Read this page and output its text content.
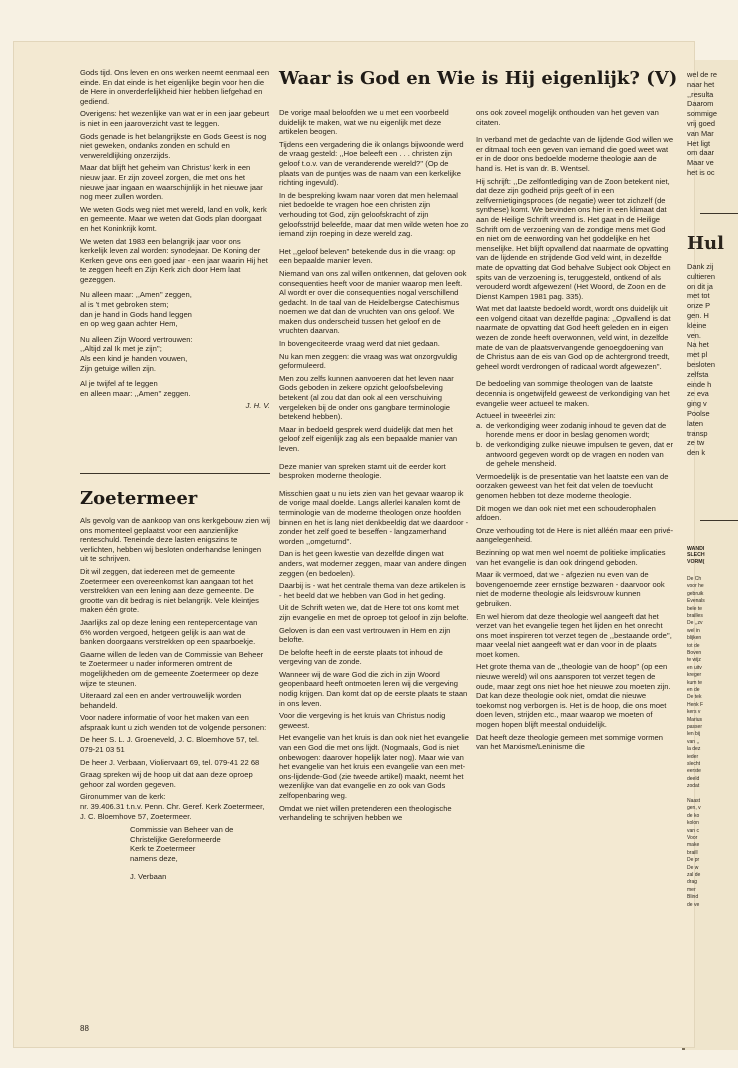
Gods tijd. Ons leven en ons werken neemt eenmaal een einde. En dat einde is het eigenlijke begin voor hen die de Here in onverderfelijkheid hier hebben liefgehad en gediend.

Overigens: het wezenlijke van wat er in een jaar gebeurt is niet in een jaaroverzicht vast te leggen.

Gods genade is het belangrijkste en Gods Geest is nog niet geweken, ondanks zonden en schuld en verwereldlijking onzerzijds.

Maar dat blijft het geheim van Christus' kerk in een nieuw jaar. Er zijn zoveel zorgen, die met ons het nieuwe jaar ingaan en waarschijnlijk in het nieuwe jaar nog meer zullen worden.

We weten Gods weg niet met wereld, land en volk, kerk en gemeente. Maar we weten dat Gods plan doorgaat en het Koninkrijk komt.

We weten dat 1983 een belangrijk jaar voor ons kerkelijk leven zal worden: synodejaar. De Koning der Kerken geve ons een goed jaar - een jaar waarin Hij het te zeggen heeft en Zijn Kerk zich door Hem laat gezeggen.

Nu alleen maar: ,,Amen'' zeggen,
al is 't met gebroken stem;
dan je hand in Gods hand leggen
en op weg gaan achter Hem,
Nu alleen Zijn Woord vertrouwen:
,,Altijd zal Ik met je zijn'';
Als een kind je handen vouwen,
Zijn getuige willen zijn.
Al je twijfel af te leggen
en alleen maar: ,,Amen'' zeggen.
J. H. V.
Zoetermeer

Als gevolg van de aankoop van ons kerkgebouw zien wij ons momenteel geplaatst voor een aanzienlijke renteschuld. Teneinde deze lasten enigszins te verlichten, hebben wij besloten onderhandse leningen uit te schrijven.

Dit wil zeggen, dat iedereen met de gemeente Zoetermeer een overeenkomst kan aangaan tot het verstrekken van een lening aan deze gemeente. De grootte van dit bedrag is niet belangrijk. Vele kleintjes maken één grote.

Jaarlijks zal op deze lening een rentepercentage van 6% worden vergoed, hetgeen gelijk is aan wat de banken doorgaans verstrekken op een spaarboekje.

Gaarne willen de leden van de Commissie van Beheer te Zoetermeer u nader informeren omtrent de mogelijkheden om de gemeente Zoetermeer op deze wijze te steunen.

Uiteraard zal een en ander vertrouwelijk worden behandeld.

Voor nadere informatie of voor het maken van een afspraak kunt u zich wenden tot de volgende personen:

De heer S. L. J. Groeneveld, J. C. Bloemhove 57, tel. 079-21 03 51

De heer J. Verbaan, Violiervaart 69, tel. 079-41 22 68

Graag spreken wij de hoop uit dat aan deze oproep gehoor zal worden gegeven.

Gironummer van de kerk:

nr. 39.406.31 t.n.v. Penn. Chr. Geref. Kerk Zoetermeer, J. C. Bloemhove 57, Zoetermeer.

Commissie van Beheer van de
Christelijke Gereformeerde
Kerk te Zoetermeer
namens deze,
J. Verbaan
88
Waar is God en Wie is Hij eigenlijk? (V)

De vorige maal beloofden we u met een voorbeeld duidelijk te maken, wat we nu eigenlijk met deze artikelen beogen.

Tijdens een vergadering die ik onlangs bijwoonde werd de vraag gesteld: ,,Hoe beleeft een . . . christen zijn geloof t.o.v. van de veranderende wereld?'' (Op de plaats van de puntjes was de naam van een kerkelijke richting ingevuld).

In de bespreking kwam naar voren dat men helemaal niet bedoelde te vragen hoe een christen zijn verhouding tot God, zijn geloofskracht of zijn geloofsstrijd beleefde, maar dat men wilde weten hoe zo iemand zijn roeping in deze wereld zag.

Het ,,geloof beleven'' betekende dus in die vraag: op een bepaalde manier leven.

Niemand van ons zal willen ontkennen, dat geloven ook consequenties heeft voor de manier waarop men leeft. Al wordt er over die consequenties nogal verschillend gedacht. In de taal van de Heidelbergse Catechismus noemen we dat dan de vruchten van ons geloof. We maken dus onderscheid tussen het geloof en de vruchten daarvan.

In bovengeciteerde vraag werd dat niet gedaan.

Nu kan men zeggen: die vraag was wat onzorgvuldig geformuleerd.

Men zou zelfs kunnen aanvoeren dat het leven naar Gods geboden in zekere opzicht geloofsbeleving betekent (al zou dat dan ook al een verschuiving vergeleken bij de onder ons gangbare terminologie betekend hebben).

Maar in bedoeld gesprek werd duidelijk dat men het geloof zelf eigenlijk zag als een bepaalde manier van leven.

Deze manier van spreken stamt uit de eerder kort besproken moderne theologie.

Misschien gaat u nu iets zien van het gevaar waarop ik de vorige maal doelde. Langs allerlei kanalen komt de terminologie van de moderne theologen onze hoofden binnen en het is lang niet denkbeeldig dat we daardoor - zonder het zelf goed te beseffen - langzamerhand worden ,,omgeturnd''.

Dan is het geen kwestie van dezelfde dingen wat anders, wat moderner zeggen, maar van andere dingen zeggen (en bedoelen).

Daarbij is - wat het centrale thema van deze artikelen is - het beeld dat we hebben van God in het geding.

Uit de Schrift weten we, dat de Here tot ons komt met zijn evangelie en met de oproep tot geloof in zijn belofte.

Geloven is dan een vast vertrouwen in Hem en zijn belofte.

De belofte heeft in de eerste plaats tot inhoud de vergeving van de zonde.

Wanneer wij de ware God die zich in zijn Woord geopenbaard heeft ontmoeten leren wij die vergeving nodig krijgen. Dan komt dat op de eerste plaats te staan in ons leven.

Voor die vergeving is het kruis van Christus nodig geweest.

Het evangelie van het kruis is dan ook niet het evangelie van een God die met ons lijdt. (Nogmaals, God is niet onbewogen: daarover hopelijk later nog). Maar wie van het evangelie van het kruis een evangelie van een met-ons-lijdende-God (zie tweede artikel) maakt, neemt het wezenlijke van dat evangelie en zo ook van Gods zelfopenbaring weg.

Omdat we niet willen pretenderen een theologische verhandeling te schrijven hebben we

ons ook zoveel mogelijk onthouden van het geven van citaten.

In verband met de gedachte van de lijdende God willen we er ditmaal toch een geven van iemand die goed weet wat er in de door ons bedoelde moderne theologie aan de hand is. Het is van dr. B. Wentsel.

Hij schrijft: ,,De zelfontlediging van de Zoon betekent niet, dat deze zijn godheid prijs geeft of in een zelfvernietigingsproces (de negatie) weer tot zichzelf (de synthese) komt. We bevinden ons hier in een klimaat dat aan de Heilige Schrift vreemd is. Het gaat in de Heilige Schrift om de verzoening van de zondige mens met God en niet om de eenwording van het goddelijke en het menselijke. Het blijft opvallend dat naarmate de opvatting van de lijdende en strijdende God veld wint, in dezelfde mate de opvatting dat God behalve Subject ook Object en spits van de verzoening is, teruggesteld, ontkend of als verouderd wordt afgewezen! (Het Woord, de Zoon en de Dienst Kampen 1981 pag. 335).

Wat met dat laatste bedoeld wordt, wordt ons duidelijk uit een volgend citaat van dezelfde pagina: ,,Opvallend is dat naarmate de opvatting dat God heeft geleden en in eigen wezen de zonde heeft overwonnen, veld wint, in dezelfde mate de van de plaatsvervangende genoegdoening van de Christus aan de eis van God op de achtergrond treedt, geheel wordt verdrongen of radicaal wordt afgewezen''.

De bedoeling van sommige theologen van de laatste decennia is ongetwijfeld geweest de verkondiging van het evangelie weer actueel te maken.

Actueel in tweeërlei zin:
a. de verkondiging weer zodanig inhoud te geven dat de horende mens er door in beslag genomen wordt;
b. de verkondiging zulke nieuwe impulsen te geven, dat er antwoord gegeven wordt op de vragen en noden van de gehele mensheid.

Vermoedelijk is de presentatie van het laatste een van de oorzaken geweest van het feit dat velen de toevlucht genomen hebben tot deze moderne theologie.

Dit mogen we dan ook niet met een schouderophalen afdoen.

Onze verhouding tot de Here is niet alléén maar een privé-aangelegenheid.

Bezinning op wat men wel noemt de politieke implicaties van het evangelie is dan ook dringend geboden.

Maar ik vermoed, dat we - afgezien nu even van de bovengenoemde zeer ernstige bezwaren - daarvoor ook niet de moderne theologie als leidsvrouw kunnen gebruiken.

En wel hierom dat deze theologie wel aangeeft dat het verzet van het evangelie tegen het lijden en het onrecht ons moet inspireren tot verzet tegen de ,,bestaande orde'', maar veelal niet aangeeft wat er dan voor in de plaats moet komen.

Het grote thema van de ,,theologie van de hoop'' (op een nieuwe wereld) wil ons aansporen tot verzet tegen de oude, maar zegt ons niet hoe het nieuwe zou moeten zijn. Dat kan deze theologie ook niet, omdat die nieuwe toekomst nog verborgen is. Het is de hoop, die ons moet doen leven, strijden etc., maar waarop we moeten of mogen hopen blijft meestal onduidelijk.

Dat heeft deze theologie gemeen met sommige vormen van het Marxisme/Leninisme die

wel de re
naar het
,,resulta
Daarom
sommige
vrij goed
van Mar
Het ligt
om daar
Maar ve
het is oc
Hul
Dank zij
cultieren
on dit ja
met tot
onze P
gen. H
kleine
ven.
Na het
met pl
besloten
zelfsta
einde h
ze eva
ging v
Poolse
laten
transp
ze tw
den k
WANDI
SLECH
VORM(
De Ch
voor he
gebruik
Evenals
bele te
brailles
De ,,zv
wel in
blijken
tot de
Boven
te wijz
en uitv
kreger
kum te
en de
De tek
Henk F
kers v
Marius
passer
len bij
van ,,
la dez
ieder
slecht
eerste
deeld
zodat
Naast
gen, v
de ko
kolon
van c
Voor
make
braill
De pr
De w
zal de
drag
mer
Blind
de ve
